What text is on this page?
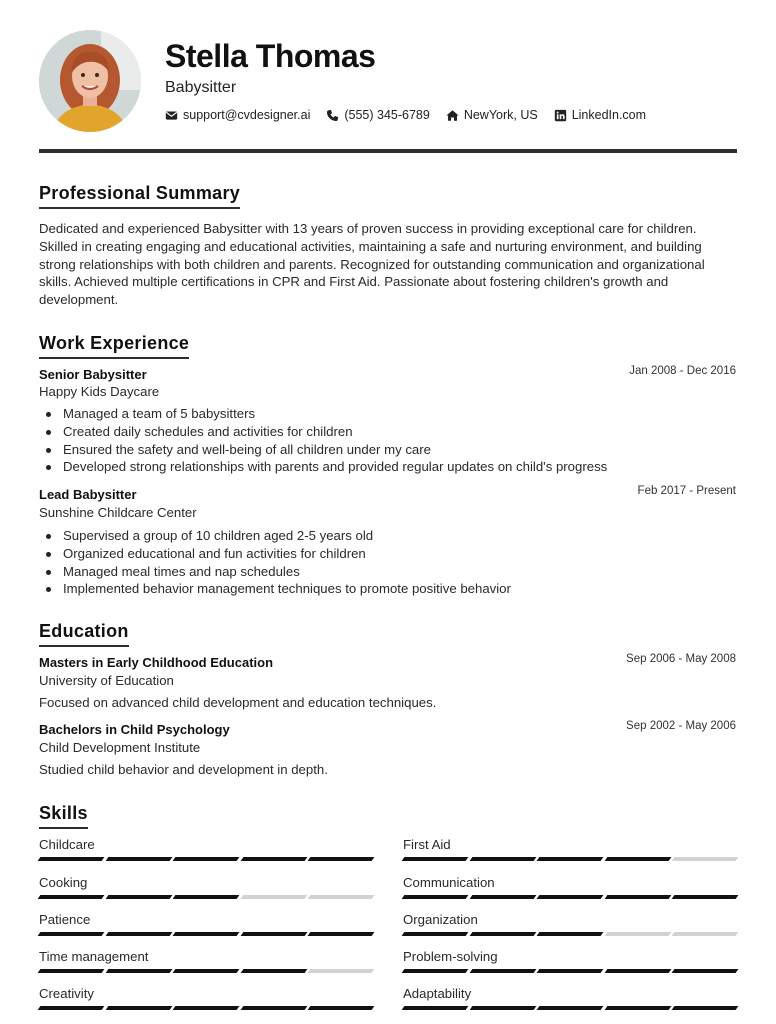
Stella Thomas
Babysitter
support@cvdesigner.ai	(555) 345-6789	NewYork, US	LinkedIn.com
Professional Summary

Dedicated and experienced Babysitter with 13 years of proven success in providing exceptional care for children. Skilled in creating engaging and educational activities, maintaining a safe and nurturing environment, and building strong relationships with both children and parents. Recognized for outstanding communication and organizational skills. Achieved multiple certifications in CPR and First Aid. Passionate about fostering children's growth and development.

Work Experience
Senior Babysitter	Jan 2008 - Dec 2016
Happy Kids Daycare
Managed a team of 5 babysitters
Created daily schedules and activities for children
Ensured the safety and well-being of all children under my care
Developed strong relationships with parents and provided regular updates on child's progress
Lead Babysitter	Feb 2017 - Present
Sunshine Childcare Center
Supervised a group of 10 children aged 2-5 years old
Organized educational and fun activities for children
Managed meal times and nap schedules
Implemented behavior management techniques to promote positive behavior
Education
Masters in Early Childhood Education	Sep 2006 - May 2008
University of Education
Focused on advanced child development and education techniques.
Bachelors in Child Psychology	Sep 2002 - May 2006
Child Development Institute
Studied child behavior and development in depth.
Skills
Childcare	First Aid
Cooking	Communication
Patience	Organization
Time management	Problem-solving
Creativity	Adaptability
